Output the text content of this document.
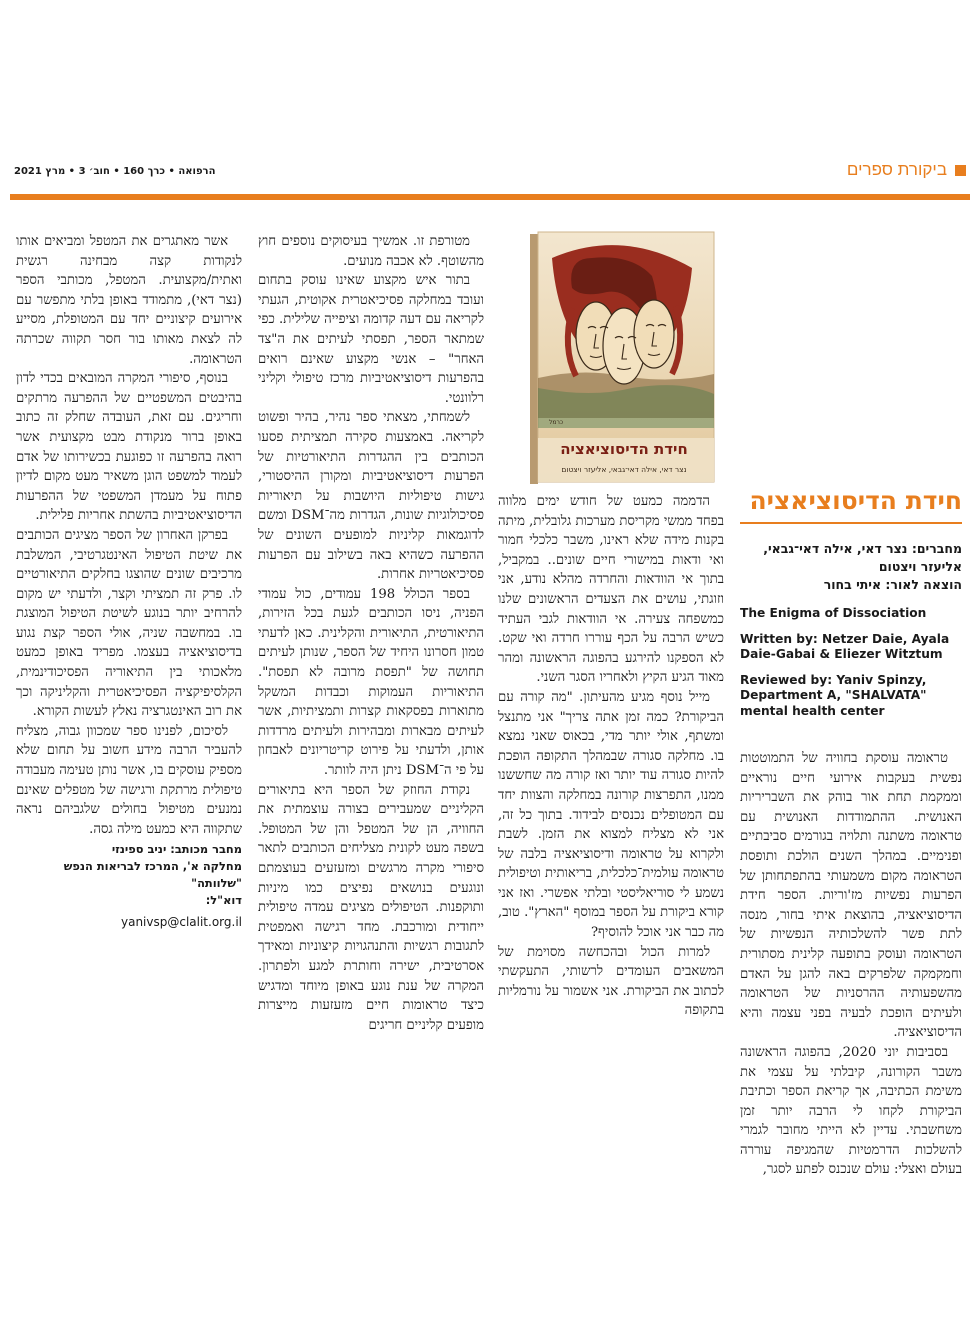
הרפואה • כרך 160 • חוב׳ 3 • מרץ 2021	ביקורת ספרים
חידת הדיסוציאציה
נצר דאי, אילה דאי־גבאי, אליעזר ויצטום
כרמל
חידת הדיסוציאציה
מחברים: נצר דאי, אילה דאי־גבאי, אליעזר ויצטום
הוצאה לאור: איתי בחור
The Enigma of Dissociation
Written by: Netzer Daie, Ayala Daie-Gabai & Eliezer Witztum
Reviewed by: Yaniv Spinzy, Department A, "SHALVATA" mental health center

טראומה עוסקת בחוויה של התמוטטות נפשית בעקבות אירועי חיים נוראיים וממקמת תחת אור בוהק את השבריריות האנושית. ההתמודדות האנושית עם טראומה משתנה ותלויה בגורמים סביבתיים ופנימיים. במהלך השנים הולכת ותופסת הטראומה מקום משמעותי בהתפתחותן של הפרעות נפשיות מז'וריות. הספר חידת הדיסוציאציה, בהוצאת איתי בחור, מנסה לתת פשר להשלכותיה הנפשיות של הטראומה ועוסק בתופעה קלינית מסתורית וחמקמקה שלפרקים באה להגן על האדם מהשפעותיה ההרסניות של הטראומה ולעיתים הופכת לבעיה בפני עצמה והיא הדיסוציאציה.

בסביבות יוני 2020, בהפוגה הראשונה משבר הקורונה, קיבלתי על עצמי את משימת הכתיבה, אך קריאת הספר וכתיבת הביקורת לקחו לי הרבה יותר זמן משחשבתי. עדיין לא הייתי מחובר לגמרי להשלכות הדרמטיות שהמגיפה עוררה בעולם ואצלי: עולם שנכנס לפתע לסגר,

הדממה כמעט של חודש ימים מלווה בפחד ממשי מקריסת מערכות גלובלית, מיתה בקנות מידה שלא ראינו, משבר כלכלי חמור ואי ודאות במישורי חיים שונים.. במקביל, בתוך אי הוודאות והחרדה מהלא נודע, אני וזוגתי, עושים את הצעדים הראשונים שלנו כמשפחה צעירה. אי הוודאות לגבי העתיד כשיש הרבה על הכף עוררו חרדה ואי שקט. לא הספקנו להירגע בהפוגה הראשונה ומהר מאוד הגיע הקיץ ולאחריו הסגר השני.

מייל נוסף מגיע מהעיתון. "מה קורה עם הביקורת? כמה זמן אתה צריך" אני מתנצל ומשתף, אולי יותר מדי, בכאוס שאני נמצא בו. מחלקה סגורה שבמהלך התקופה הופכת להיות סגורה עוד יותר ואז קורה מה שחששנו ממנו, התפרצות קורונה במחלקה והצוות יחד עם המטופלים נכנסים לבידוד. בתוך כל זה, אני לא מצליח למצוא את הזמן. לשבת ולקרוא על טראומה ודיסוציאציה בלבה של טראומה עולמית־כלכלית, בריאותית וטיפולית נשמע לי סוריאליסטי ובלתי אפשרי. ואז אני קורא ביקורת על הספר במוסף "הארץ". טוב, מה כבר אני אוכל להוסיף?

למרות הכול ובהכחשה מסוימת של המשאבים העומדים לרשותי, התעקשתי לכתוב את הביקורת. אני אשמור על נורמליות בתקופה

מטורפת זו. אמשיך בעיסוקים נוספים חוץ מהשוטף. לא אכבה מנועים.

בתור איש מקצוע שאינו עוסק בתחום ועובד במחלקה פסיכיאטרית אקוטית, הגעתי לקריאה עם דעה קדומה וציפייה שלילית. כפי שמתאר הספר, תפסתי לעיתים את ה"צד האחר" – אנשי מקצוע שאינם רואים בהפרעות דיסוציאטיביות מרכז טיפולי וקליני רלוונטי.

לשמחתי, מצאתי ספר נהיר, בהיר ופשוט לקריאה. באמצעות סקירה תמציתית פסעו הכותבים בין ההגדרות התיאורטיות של הפרעות דיסוציאטיביות ומקורן ההיסטורי, גישות טיפוליות היושבות על תיאוריות פסיכולוגיות שונות, הגדרות מה־DSM ומשם לדוגמאות קליניות למופעים השונים של ההפרעה כשהיא באה בשילוב עם הפרעות פסיכיאטריות אחרות.

בספר הכולל 198 עמודים, כול עמודי הפניה, ניסו הכותבים לגעת בכל הזירות, התיאורטית, התיאורית והקלינית. כאן לדעתי טמון חסרונו היחיד של הספר, שנותן לעיתים תחושה של "תפסת מרובה לא תפסת". התיאוריות העמוקות וכבדות המשקל מתוארות בפסקאות קצרות ותמציתיות, אשר לעיתים מבארות ומבהירות ולעיתים מרדדות אותן, ולדעתי על פירוט קריטריונים לאבחון על פי ה־DSM ניתן היה לוותר.

נקודת החוזק של הספר היא בתיאורים הקליניים שמעבירים בצורה עוצמתית את החוויה, הן של המטפל והן של המטופל. בשפה מעט לקונית מצליחים הכותבים לתאר סיפורי מקרה מרגשים ומזעזעים בעוצמתם ונוגעים בנושאים נפיצים כמו מיניות ותוקפנות. הטיפולים מציגים עמדה טיפולית ייחודית ומורכבת. מחד רגישה ואמפטית לתגובות רגשיות והתנהגויות קיצוניות ומאידך אסרטיבית, ישירה וחותרת למגע ולפתרון. המקרה של ענת נוגע באופן מיוחד ומדגיש כיצד טראומות חיים מזעזעות מייצרות מופעים קליניים חריגים

אשר מאתגרים את המטפל ומביאים אותו לנקודות קצה מבחינה רגשית ואתית/מקצועית. המטפל, מכותבי הספר (נצר דאי), מתמודד באופן בלתי מתפשר עם אירועים קיצוניים יחד עם המטופלת, מסייע לה לצאת מאותו בור חסר תקווה שכרתה הטראומה.

בנוסף, סיפורי המקרה המובאים בכדי לדון בהיבטים המשפטיים של ההפרעה מרתקים וחריגים. עם זאת, העובדה שחלק זה כתוב באופן ברור מנקודת מבט מקצועית אשר רואה בהפרעה זו כפוגעת בכשירותו של אדם לעמוד למשפט הוגן משאיר מעט מקום לדיון פתוח על מעמדן המשפטי של ההפרעות הדיסוציאטיביות בהשתת אחריות פלילית.

בפרקן האחרון של הספר מציגים הכותבים את שיטת הטיפול האינטגרטיבי, המשלבת מרכיבים שונים שהוצגו בחלקים התיאורטיים לו. פרק זה תמציתי וקצר, ולדעתי יש מקום להרחיב יותר בנוגע לשיטת הטיפול המוצגת בו. במחשבה שניה, אולי הספר קצת נגוע בדיסוציאציה בעצמו. מפריד באופן כמעט מלאכותי בין התיאוריה הפסיכודינמית, הקלסיפיקציה הפסיכיאטרית והקליניקה וכך את רוב האינטגרציה נאלץ לעשות הקורא.

לסיכום, לפנינו ספר שמכוון גבוה, מצליח להעביר הרבה מידע חשוב על תחום שלא מספיק עוסקים בו, אשר נותן טעימה מעבודה טיפולית מרתקת ורגישה של מטפלים שאינם נמנעים מטיפול בחולים שלגביהם נראה שתקווה היא כמעט מילה גסה.

מחבר מכותב: יניב ספינזי
מחלקה א', המרכז לבריאות הנפש "שלוותה"
דוא"ל:
yanivsp@clalit.org.il
